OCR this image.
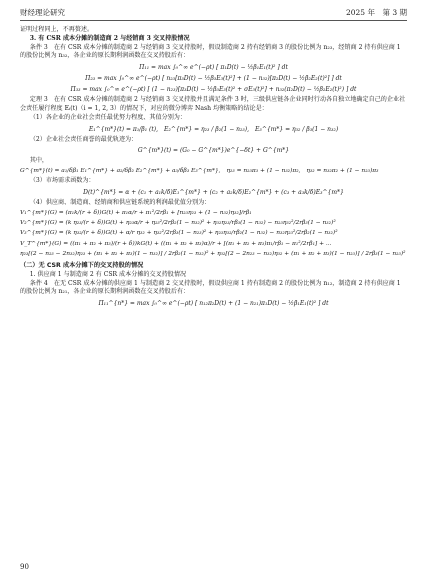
财经理论研究	2025 年　第 3 期

证明过程同上，不再赘述。

3. 有 CSR 成本分摊的制造商 2 与经销商 3 交叉持股情况

条件 3　在有 CSR 成本分摊的制造商 2 与经销商 3 交叉持股时，假设制造商 2 持有经销商 3 的股份比例为 n₂₃，经销商 2 持有供应商 1 的股份比例为 n₃₂，各企业的原长期利润函数在交叉持股后有：

Π₁₁ = max ∫₀^∞ e^(−ρt) [ π₁D(t) − ½β₁E₁(t)² ] dt
Π₂₃ = max ∫₀^∞ e^(−ρt) [ n₂₃[π₃D(t) − ½β₃E₃(t)²] + (1 − n₃₂)[π₂D(t) − ½β₂E₂(t)²] ] dt
Π₃₃ = max ∫₀^∞ e^(−ρt) [ (1 − n₂₃)[π₃D(t) − ½β₃E₃(t)² + σE₃(t)²] + n₃₂(π₂D(t) − ½β₂E₂(t)²) ] dt

定理 3　在有 CSR 成本分摊的制造商 2 与经销商 3 交叉持股并且满足条件 3 时，三级供应链各企业同时行动各自独立地确定自己的企业社会责任履行程度 Eᵢ(t)（i = 1, 2, 3）的情况下，对应的微分博弈 Nash 均衡策略的结论是：

（1）各企业的企业社会责任最优努力程度、其值分别为：

E₁^{m*}(t) = π₁/β₁ (t),　E₂^{m*} = η₂₃ / β₂(1 − n₂₃),　E₃^{m*} = η₃₂ / β₃(1 − n₃₂)

（2）企业社会责任商誉的最优轨迹为：

G^{m*}(t) = (G₀ − G^{m*})e^{−δt} + G^{m*}

其中，

G^{m*}(t) = a₁/δβ₁ E₁^{m*} + a₂/δβ₂ E₂^{m*} + a₃/δβ₃ E₃^{m*},　η₂₃ = n₂₃π₃ + (1 − n₃₂)π₂,　η₃₂ = n₃₂π₂ + (1 − n₂₃)π₃

（3）市场需求函数为：

D(t)^{m*} = α + (c₁ + a₁k/δ)E₁^{m*} + (c₂ + a₂k/δ)E₂^{m*} + (c₃ + a₃k/δ)E₃^{m*}

（4）供应商、制造商、经销商和供应链系统的利润最优值分别为：

V₁^{m*}(G) = (π₁k/(r + δ))G(t) + π₁α/r + π₁²/2rβ₁ + [n₂₃η₂₃ + (1 − n₃₂)η₃₂]/rβ₁
V₂^{m*}(G) = (k η₂₃/(r + δ))G(t) + η₂₃α/r + η₂₃²/2rβ₂(1 − n₃₂)² + η₃₂η₂₃/rβ₃(1 − n₃₂) − n₂₃η₃₂²/2rβ₃(1 − n₃₂)²
V₃^{m*}(G) = (k η₃₂/(r + δ))G(t) + α/r η₃₂ + η₃₂²/2rβ₃(1 − n₂₃)² + η₂₃η₃₂/rβ₂(1 − n₃₂) − n₃₂η₂₃²/2rβ₂(1 − n₃₂)²
V_T^{m*}(G) = ((π₁ + π₂ + π₃)/(r + δ))kG(t) + ((π₁ + π₂ + π₃)α)/r + [(π₁ + π₂ + π₃)π₁/rβ₁ − π₁²/2rβ₁] + ...
η₂₃[(2 − n₂₃ − 2n₃₂)η₂₃ + (π₁ + π₂ + π₃)(1 − n₃₂)] / 2rβ₂(1 − n₃₂)² + η₃₂[(2 − 2n₂₃ − n₃₂)η₃₂ + (π₁ + π₂ + π₃)(1 − n₂₃)] / 2rβ₃(1 − n₂₃)²

（二）无 CSR 成本分摊下的交叉持股的情况

1. 供应商 1 与制造商 2 有 CSR 成本分摊的交叉持股情况

条件 4　在无 CSR 成本分摊的供应商 1 与制造商 2 交叉持股时，假设供应商 1 持有制造商 2 的股份比例为 n₁₂，制造商 2 持有供应商 1 的股份比例为 n₂₁，各企业的原长期利润函数在交叉持股后有：

Π₁₁^{n*} = max ∫₀^∞ e^(−ρt) [ n₁₂π₂D(t) + (1 − n₂₁)π₁D(t) − ½β₁E₁(t)² ] dt
90
